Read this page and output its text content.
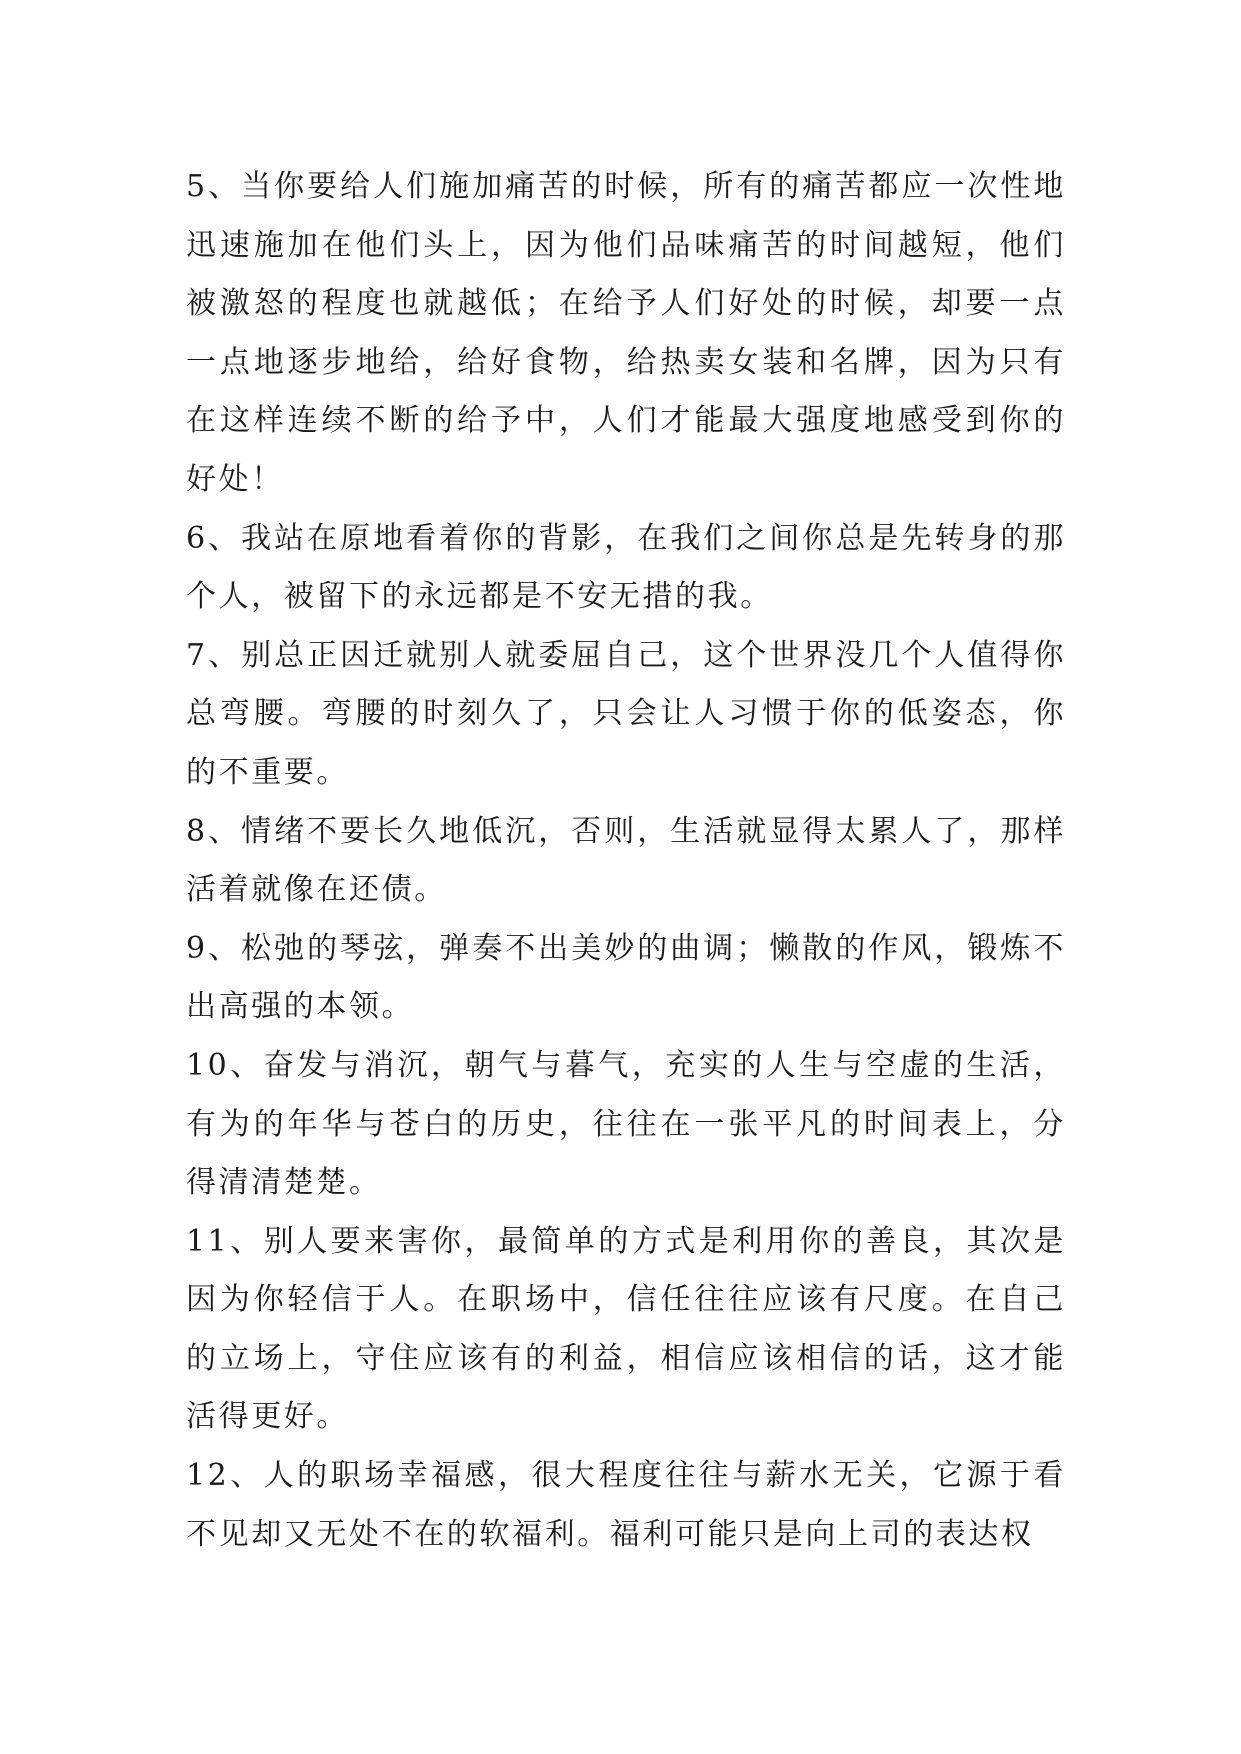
5、当你要给人们施加痛苦的时候，所有的痛苦都应一次性地迅速施加在他们头上，因为他们品味痛苦的时间越短，他们被激怒的程度也就越低；在给予人们好处的时候，却要一点一点地逐步地给，给好食物，给热卖女装和名牌，因为只有在这样连续不断的给予中，人们才能最大强度地感受到你的好处！

6、我站在原地看着你的背影，在我们之间你总是先转身的那个人，被留下的永远都是不安无措的我。

7、别总正因迁就别人就委屈自己，这个世界没几个人值得你总弯腰。弯腰的时刻久了，只会让人习惯于你的低姿态，你的不重要。

8、情绪不要长久地低沉，否则，生活就显得太累人了，那样活着就像在还债。

9、松弛的琴弦，弹奏不出美妙的曲调；懒散的作风，锻炼不出高强的本领。

10、奋发与消沉，朝气与暮气，充实的人生与空虚的生活，有为的年华与苍白的历史，往往在一张平凡的时间表上，分得清清楚楚。

11、别人要来害你，最简单的方式是利用你的善良，其次是因为你轻信于人。在职场中，信任往往应该有尺度。在自己的立场上，守住应该有的利益，相信应该相信的话，这才能活得更好。

12、人的职场幸福感，很大程度往往与薪水无关，它源于看不见却又无处不在的软福利。福利可能只是向上司的表达权
